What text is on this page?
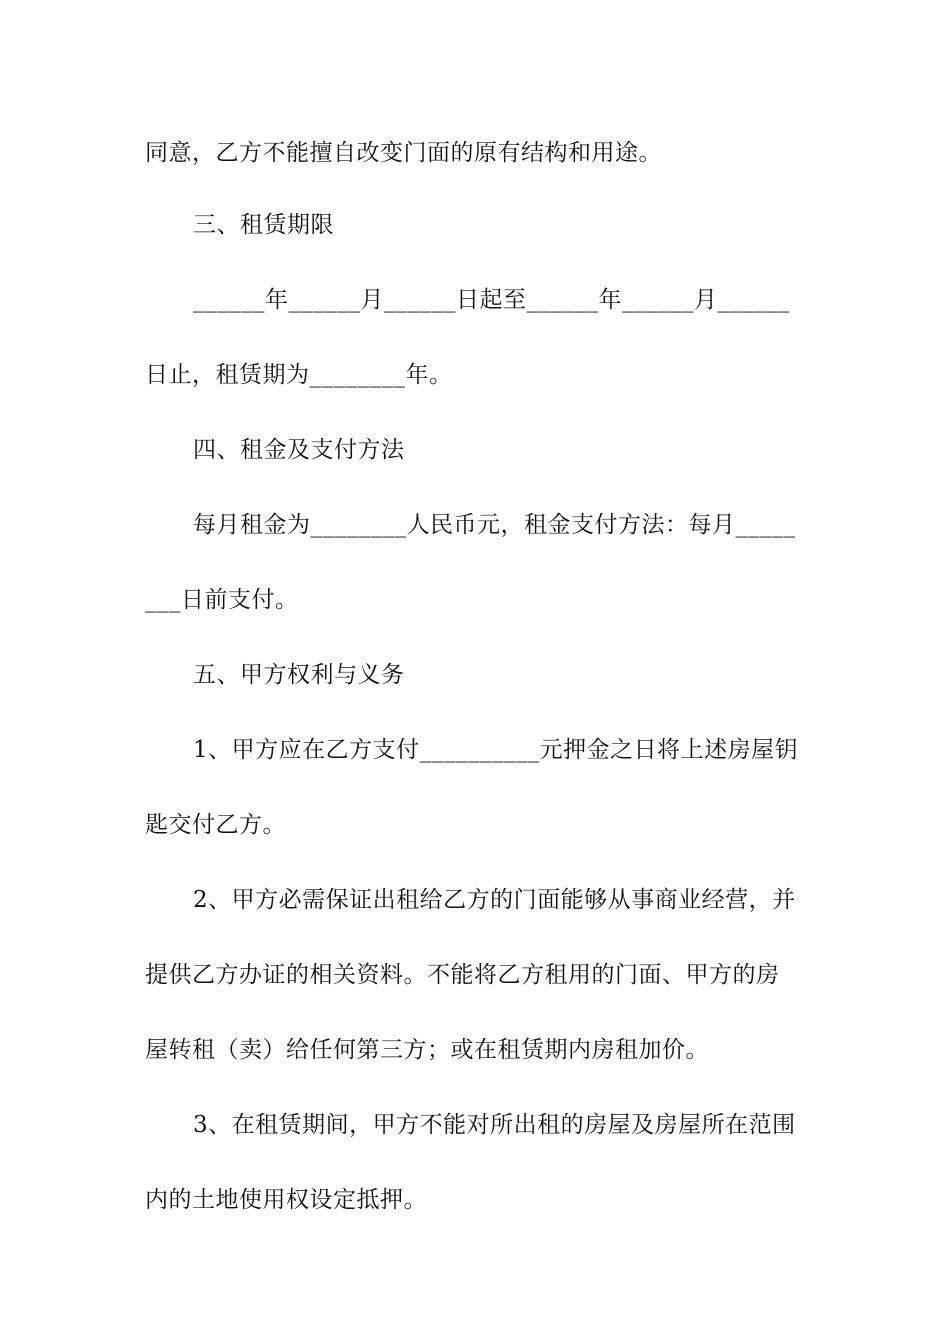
同意，乙方不能擅自改变门面的原有结构和用途。
三、租赁期限
______年______月______日起至______年______月______
日止，租赁期为________年。
四、租金及支付方法
每月租金为________人民币元，租金支付方法：每月_____
___日前支付。
五、甲方权利与义务
1、甲方应在乙方支付__________元押金之日将上述房屋钥
匙交付乙方。
2、甲方必需保证出租给乙方的门面能够从事商业经营，并
提供乙方办证的相关资料。不能将乙方租用的门面、甲方的房
屋转租（卖）给任何第三方；或在租赁期内房租加价。
3、在租赁期间，甲方不能对所出租的房屋及房屋所在范围
内的土地使用权设定抵押。
